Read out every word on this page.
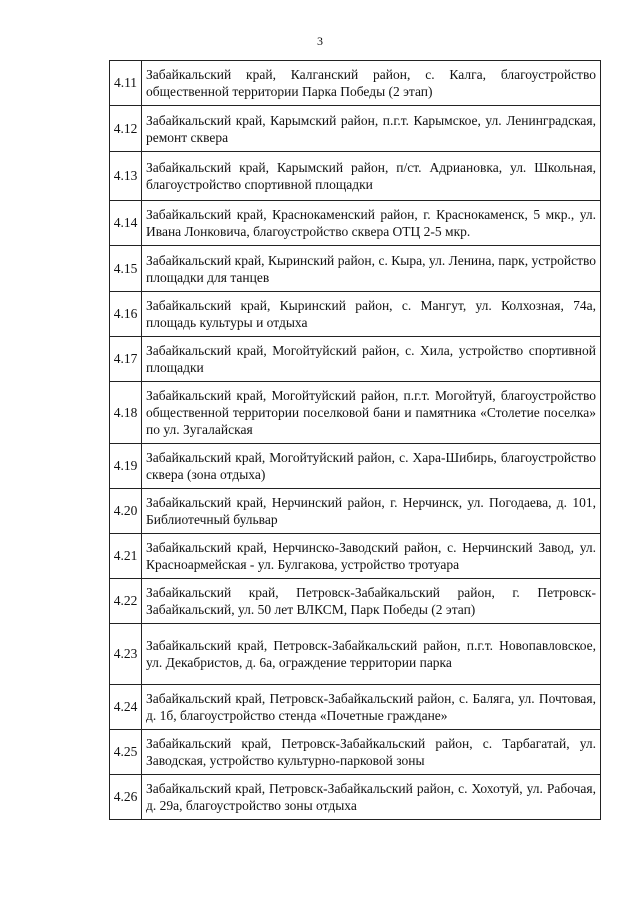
3
4.11	Забайкальский край, Калганский район, с. Калга, благоустройство общественной территории Парка Победы (2 этап)
4.12	Забайкальский край, Карымский район, п.г.т. Карымское, ул. Ленинградская, ремонт сквера
4.13	Забайкальский край, Карымский район, п/ст. Адриановка, ул. Школьная, благоустройство спортивной площадки
4.14	Забайкальский край, Краснокаменский район, г. Краснокаменск, 5 мкр., ул. Ивана Лонковича, благоустройство сквера ОТЦ 2-5 мкр.
4.15	Забайкальский край, Кыринский район, с. Кыра, ул. Ленина, парк, устройство площадки для танцев
4.16	Забайкальский край, Кыринский район, с. Мангут, ул. Колхозная, 74а, площадь культуры и отдыха
4.17	Забайкальский край, Могойтуйский район, с. Хила, устройство спортивной площадки
4.18	Забайкальский край, Могойтуйский район, п.г.т. Могойтуй, благоустройство общественной территории поселковой бани и памятника «Столетие поселка» по ул. Зугалайская
4.19	Забайкальский край, Могойтуйский район, с. Хара-Шибирь, благоустройство сквера (зона отдыха)
4.20	Забайкальский край, Нерчинский район, г. Нерчинск, ул. Погодаева, д. 101, Библиотечный бульвар
4.21	Забайкальский край, Нерчинско-Заводский район, с. Нерчинский Завод, ул. Красноармейская - ул. Булгакова, устройство тротуара
4.22	Забайкальский край, Петровск-Забайкальский район, г. Петровск-Забайкальский, ул. 50 лет ВЛКСМ, Парк Победы (2 этап)
4.23	Забайкальский край, Петровск-Забайкальский район, п.г.т. Новопавловское, ул. Декабристов, д. 6а, ограждение территории парка
4.24	Забайкальский край, Петровск-Забайкальский район, с. Баляга, ул. Почтовая, д. 1б, благоустройство стенда «Почетные граждане»
4.25	Забайкальский край, Петровск-Забайкальский район, с. Тарбагатай, ул. Заводская, устройство культурно-парковой зоны
4.26	Забайкальский край, Петровск-Забайкальский район, с. Хохотуй, ул. Рабочая, д. 29а, благоустройство зоны отдыха
